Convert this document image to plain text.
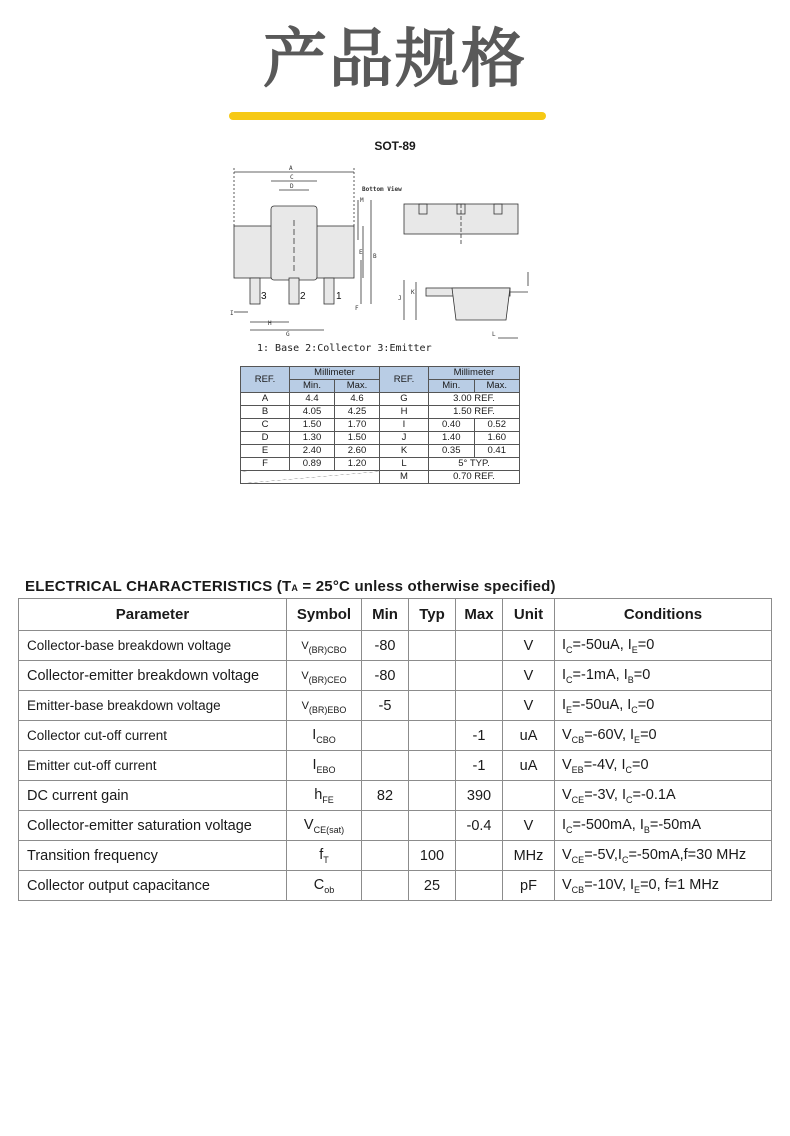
产品规格
SOT-89
A
C
D
M
E
B
F
I
H
G
J
K
L
Bottom View
3	2	1
1: Base 2:Collector 3:Emitter
REF.	Millimeter		REF.	Millimeter	
	Min.	Max.		Min.	Max.
A	4.4	4.6	G	3.00 REF.	
B	4.05	4.25	H	1.50 REF.	
C	1.50	1.70	I	0.40	0.52
D	1.30	1.50	J	1.40	1.60
E	2.40	2.60	K	0.35	0.41
F	0.89	1.20	L	5° TYP.	
			M	0.70 REF.	
ELECTRICAL CHARACTERISTICS (TA = 25°C unless otherwise specified)
Parameter	Symbol	Min	Typ	Max	Unit	Conditions
Collector-base breakdown voltage	$V_{(BR)CBO}$	-80			V	$I_C=-50uA$, $I_E=0$
Collector-emitter breakdown voltage	$V_{(BR)CEO}$	-80			V	$I_C=-1mA$, $I_B=0$
Emitter-base breakdown voltage	$V_{(BR)EBO}$	-5			V	$I_E=-50uA$, $I_C=0$
Collector cut-off current	$I_{CBO}$			-1	uA	$V_{CB}=-60V$, $I_E=0$
Emitter cut-off current	$I_{EBO}$			-1	uA	$V_{EB}=-4V$, $I_C=0$
DC current gain	$h_{FE}$	82		390		$V_{CE}=-3V$, $I_C=-0.1A$
Collector-emitter saturation voltage	$V_{CE(sat)}$			-0.4	V	$I_C=-500mA$, $I_B=-50mA$
Transition frequency	$f_T$		100		MHz	$V_{CE}=-5V,I_C=-50mA,f=30$ MHz
Collector output capacitance	$C_{ob}$		25		pF	$V_{CB}=-10V$, $I_E=0$, f=1 MHz
